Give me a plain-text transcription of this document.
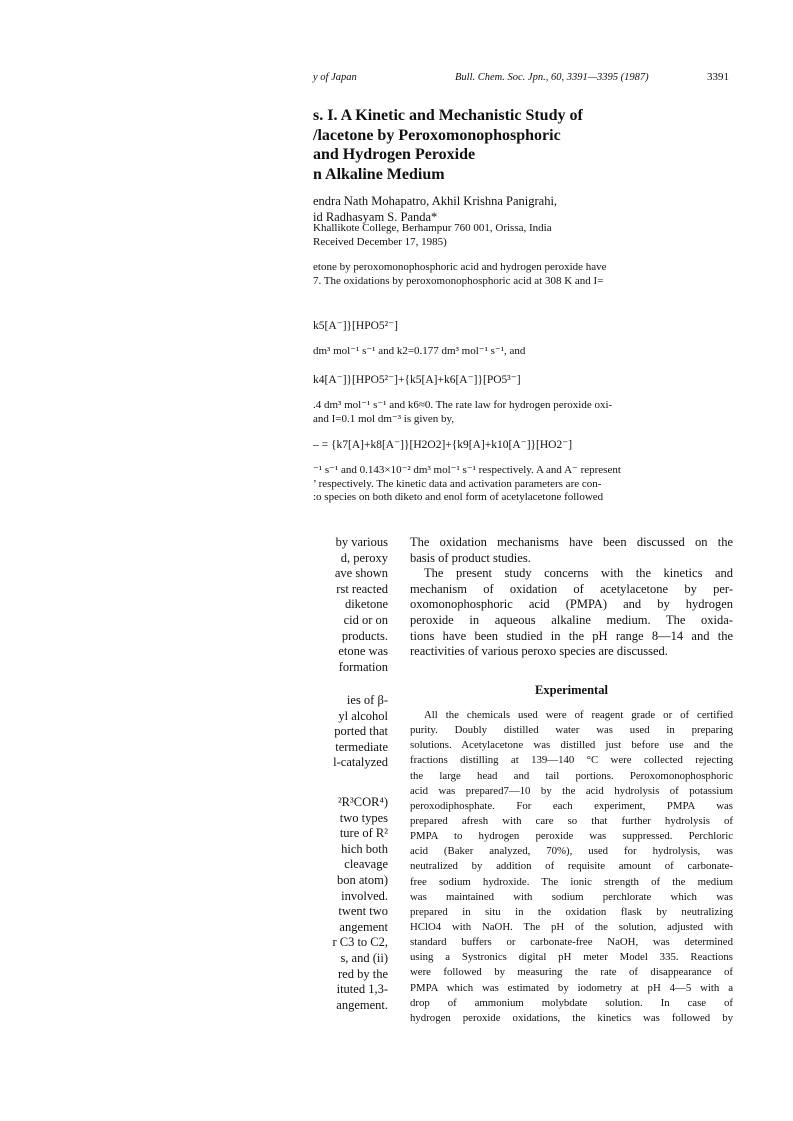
y of Japan	Bull. Chem. Soc. Jpn., 60, 3391—3395 (1987)	3391
s. I. A Kinetic and Mechanistic Study of
/lacetone by Peroxomonophosphoric
and Hydrogen Peroxide
n Alkaline Medium
endra Nath Mohapatro, Akhil Krishna Panigrahi,
id Radhasyam S. Panda*
Khallikote College, Berhampur 760 001, Orissa, India
Received December 17, 1985)
etone by peroxomonophosphoric acid and hydrogen peroxide have
7. The oxidations by peroxomonophosphoric acid at 308 K and I=
k5[A⁻]}[HPO5²⁻]
dm³ mol⁻¹ s⁻¹ and k2=0.177 dm³ mol⁻¹ s⁻¹, and
k4[A⁻]}[HPO5²⁻]+{k5[A]+k6[A⁻]}[PO5³⁻]
.4 dm³ mol⁻¹ s⁻¹ and k6≈0. The rate law for hydrogen peroxide oxi-
and I=0.1 mol dm⁻³ is given by,
– = {k7[A]+k8[A⁻]}[H2O2]+{k9[A]+k10[A⁻]}[HO2⁻]
⁻¹ s⁻¹ and 0.143×10⁻² dm³ mol⁻¹ s⁻¹ respectively. A and A⁻ represent
’ respectively. The kinetic data and activation parameters are con-
:o species on both diketo and enol form of acetylacetone followed
by various
d, peroxy
ave shown
rst reacted
diketone
cid or on
products.
etone was
formation
ies of β-
yl alcohol
ported that
termediate
l-catalyzed
²R³COR⁴)
two types
ture of R²
hich both
cleavage
bon atom)
involved.
twent two
angement
r C3 to C2,
s, and (ii)
red by the
ituted 1,3-
angement.
The oxidation mechanisms have been discussed on the
basis of product studies.
The present study concerns with the kinetics and
mechanism of oxidation of acetylacetone by per-
oxomonophosphoric acid (PMPA) and by hydrogen
peroxide in aqueous alkaline medium. The oxida-
tions have been studied in the pH range 8—14 and the
reactivities of various peroxo species are discussed.
Experimental
All the chemicals used were of reagent grade or of certified
purity. Doubly distilled water was used in preparing
solutions. Acetylacetone was distilled just before use and the
fractions distilling at 139—140 °C were collected rejecting
the large head and tail portions. Peroxomonophosphoric
acid was prepared7—10 by the acid hydrolysis of potassium
peroxodiphosphate. For each experiment, PMPA was
prepared afresh with care so that further hydrolysis of
PMPA to hydrogen peroxide was suppressed. Perchloric
acid (Baker analyzed, 70%), used for hydrolysis, was
neutralized by addition of requisite amount of carbonate-
free sodium hydroxide. The ionic strength of the medium
was maintained with sodium perchlorate which was
prepared in situ in the oxidation flask by neutralizing
HClO4 with NaOH. The pH of the solution, adjusted with
standard buffers or carbonate-free NaOH, was determined
using a Systronics digital pH meter Model 335. Reactions
were followed by measuring the rate of disappearance of
PMPA which was estimated by iodometry at pH 4—5 with a
drop of ammonium molybdate solution. In case of
hydrogen peroxide oxidations, the kinetics was followed by
